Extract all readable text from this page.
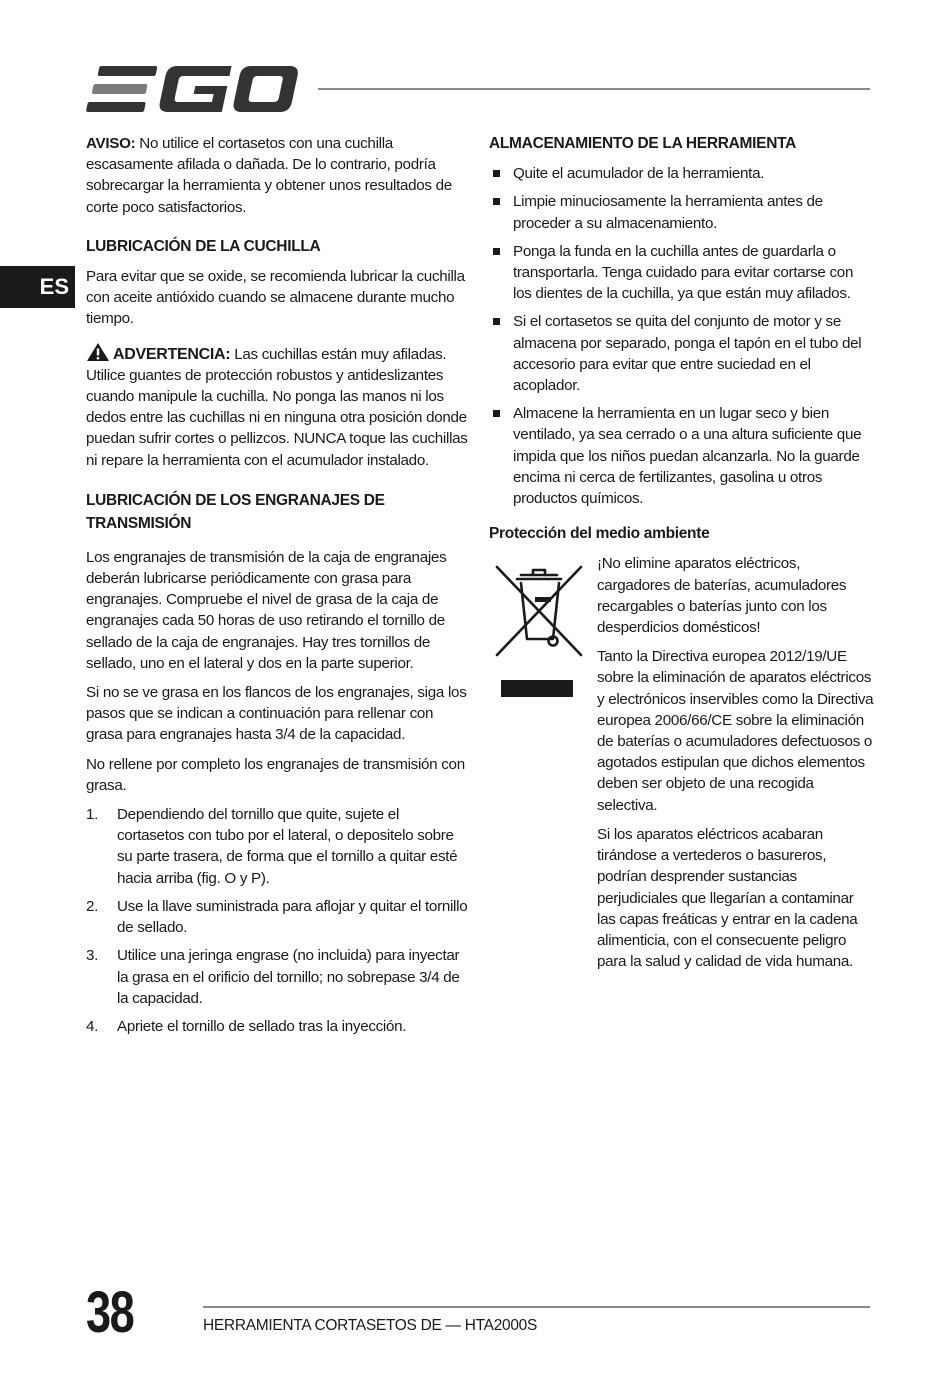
ES

AVISO: No utilice el cortasetos con una cuchilla escasamente afilada o dañada. De lo contrario, podría sobrecargar la herramienta y obtener unos resultados de corte poco satisfactorios.

LUBRICACIÓN DE LA CUCHILLA

Para evitar que se oxide, se recomienda lubricar la cuchilla con aceite antióxido cuando se almacene durante mucho tiempo.

ADVERTENCIA: Las cuchillas están muy afiladas. Utilice guantes de protección robustos y antideslizantes cuando manipule la cuchilla. No ponga las manos ni los dedos entre las cuchillas ni en ninguna otra posición donde puedan sufrir cortes o pellizcos. NUNCA toque las cuchillas ni repare la herramienta con el acumulador instalado.

LUBRICACIÓN DE LOS ENGRANAJES DE TRANSMISIÓN

Los engranajes de transmisión de la caja de engranajes deberán lubricarse periódicamente con grasa para engranajes. Compruebe el nivel de grasa de la caja de engranajes cada 50 horas de uso retirando el tornillo de sellado de la caja de engranajes. Hay tres tornillos de sellado, uno en el lateral y dos en la parte superior.

Si no se ve grasa en los flancos de los engranajes, siga los pasos que se indican a continuación para rellenar con grasa para engranajes hasta 3/4 de la capacidad.

No rellene por completo los engranajes de transmisión con grasa.

1.	Dependiendo del tornillo que quite, sujete el cortasetos con tubo por el lateral, o depositelo sobre su parte trasera, de forma que el tornillo a quitar esté hacia arriba (fig. O y P).
2.	Use la llave suministrada para aflojar y quitar el tornillo de sellado.
3.	Utilice una jeringa engrase (no incluida) para inyectar la grasa en el orificio del tornillo; no sobrepase 3/4 de la capacidad.
4.	Apriete el tornillo de sellado tras la inyección.
ALMACENAMIENTO DE LA HERRAMIENTA
Quite el acumulador de la herramienta.
Limpie minuciosamente la herramienta antes de proceder a su almacenamiento.
Ponga la funda en la cuchilla antes de guardarla o transportarla. Tenga cuidado para evitar cortarse con los dientes de la cuchilla, ya que están muy afilados.
Si el cortasetos se quita del conjunto de motor y se almacena por separado, ponga el tapón en el tubo del accesorio para evitar que entre suciedad en el acoplador.
Almacene la herramienta en un lugar seco y bien ventilado, ya sea cerrado o a una altura suficiente que impida que los niños puedan alcanzarla. No la guarde encima ni cerca de fertilizantes, gasolina u otros productos químicos.
Protección del medio ambiente

¡No elimine aparatos eléctricos, cargadores de baterías, acumuladores recargables o baterías junto con los desperdicios domésticos!

Tanto la Directiva europea 2012/19/UE sobre la eliminación de aparatos eléctricos y electrónicos inservibles como la Directiva europea 2006/66/CE sobre la eliminación de baterías o acumuladores defectuosos o agotados estipulan que dichos elementos deben ser objeto de una recogida selectiva.

Si los aparatos eléctricos acabaran tirándose a vertederos o basureros, podrían desprender sustancias perjudiciales que llegarían a contaminar las capas freáticas y entrar en la cadena alimenticia, con el consecuente peligro para la salud y calidad de vida humana.

38	HERRAMIENTA CORTASETOS DE — HTA2000S
